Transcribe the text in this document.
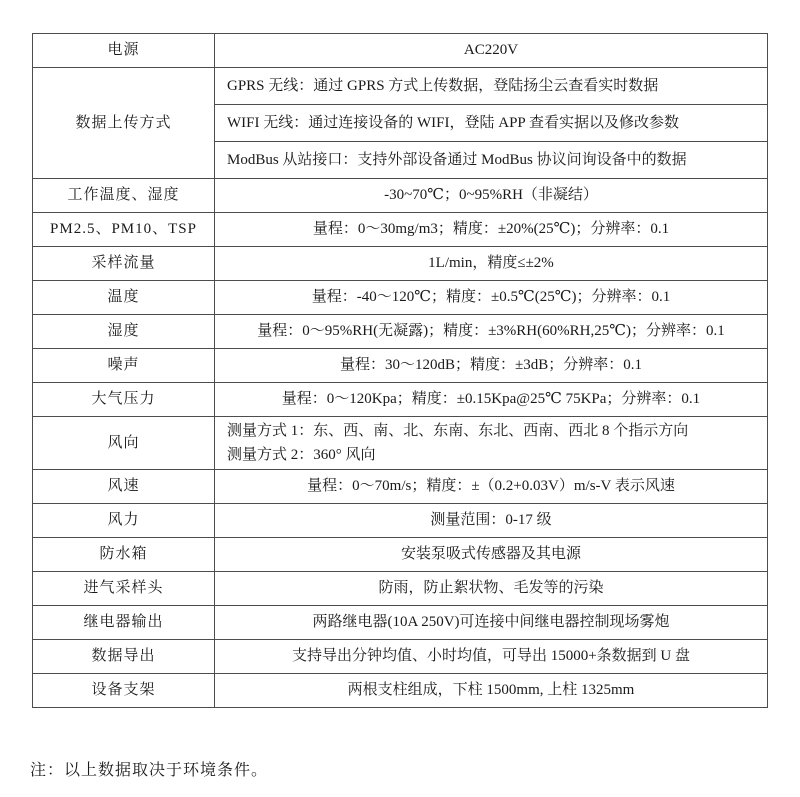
电源	AC220V

数据上传方式	GPRS 无线：通过 GPRS 方式上传数据，登陆扬尘云查看实时数据

	WIFI 无线：通过连接设备的 WIFI，登陆 APP 查看实据以及修改参数

	ModBus 从站接口：支持外部设备通过 ModBus 协议问询设备中的数据

工作温度、湿度	-30~70℃；0~95%RH（非凝结）

PM2.5、PM10、TSP	量程：0～30mg/m3；精度：±20%(25℃)；分辨率：0.1

采样流量	1L/min，精度≤±2%

温度	量程：-40～120℃；精度：±0.5℃(25℃)；分辨率：0.1

湿度	量程：0～95%RH(无凝露)；精度：±3%RH(60%RH,25℃)；分辨率：0.1

噪声	量程：30～120dB；精度：±3dB；分辨率：0.1

大气压力	量程：0～120Kpa；精度：±0.15Kpa@25℃ 75KPa；分辨率：0.1

风向	测量方式 1：东、西、南、北、东南、东北、西南、西北 8 个指示方向
测量方式 2：360° 风向

风速	量程：0～70m/s；精度：±（0.2+0.03V）m/s-V 表示风速

风力	测量范围：0-17 级

防水箱	安装泵吸式传感器及其电源

进气采样头	防雨，防止絮状物、毛发等的污染

继电器输出	两路继电器(10A 250V)可连接中间继电器控制现场雾炮

数据导出	支持导出分钟均值、小时均值，可导出 15000+条数据到 U 盘

设备支架	两根支柱组成，下柱 1500mm, 上柱 1325mm
注：以上数据取决于环境条件。
